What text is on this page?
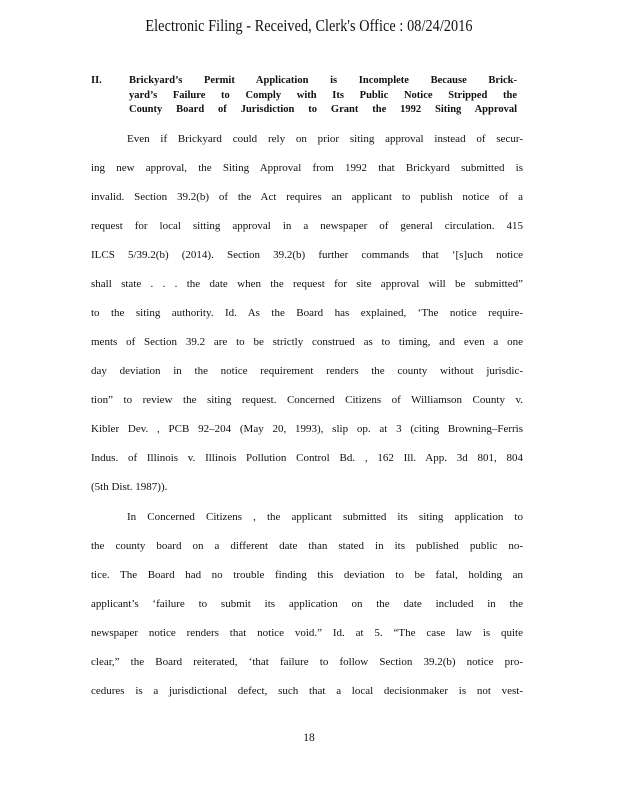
Electronic Filing - Received, Clerk's Office : 08/24/2016
II.	Brickyard’s Permit Application is Incomplete Because Brick-
yard’s Failure to Comply with Its Public Notice Stripped the
County Board of Jurisdiction to Grant the 1992 Siting Approval
Even if Brickyard could rely on prior siting approval instead of secur-
ing new approval, the Siting Approval from 1992 that Brickyard submitted is
invalid. Section 39.2(b) of the Act requires an applicant to publish notice of a
request for local sitting approval in a newspaper of general circulation. 415
ILCS 5/39.2(b) (2014). Section 39.2(b) further commands that ‘[s]uch notice
shall state . . . the date when the request for site approval will be submitted”
to the siting authority. Id. As the Board has explained, ‘The notice require-
ments of Section 39.2 are to be strictly construed as to timing, and even a one
day deviation in the notice requirement renders the county without jurisdic-
tion” to review the siting request. Concerned Citizens of Williamson County v.
Kibler Dev. , PCB 92–204 (May 20, 1993), slip op. at 3 (citing Browning–Ferris
Indus. of Illinois v. Illinois Pollution Control Bd. , 162 Ill. App. 3d 801, 804
(5th Dist. 1987)).
In Concerned Citizens , the applicant submitted its siting application to
the county board on a different date than stated in its published public no-
tice. The Board had no trouble finding this deviation to be fatal, holding an
applicant’s ‘failure to submit its application on the date included in the
newspaper notice renders that notice void.” Id. at 5. “The case law is quite
clear,” the Board reiterated, ‘that failure to follow Section 39.2(b) notice pro-
cedures is a jurisdictional defect, such that a local decisionmaker is not vest-
18
